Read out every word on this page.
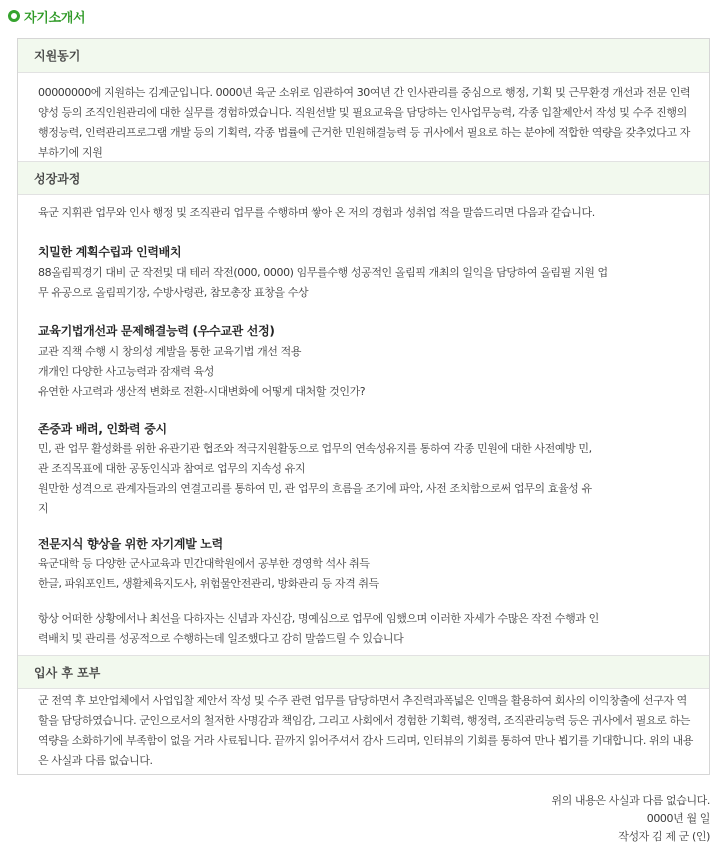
자기소개서
지원동기
00000000에 지원하는 김계군입니다. 0000년 육군 소위로 임관하여 30여년 간 인사관리를 중심으로 행정, 기획 및 근무환경 개선과 전문 인력양성 등의 조직인원관리에 대한 실무를 경험하였습니다. 직원선발 및 필요교육을 담당하는 인사업무능력, 각종 입찰제안서 작성 및 수주 진행의 행정능력, 인력관리프로그램 개발 등의 기획력, 각종 법률에 근거한 민원해결능력 등 귀사에서 필요로 하는 분야에 적합한 역량을 갖추었다고 자부하기에 지원
성장과정
육군 지휘관 업무와 인사 행정 및 조직관리 업무를 수행하며 쌓아 온 저의 경험과 성취업 적을 말씀드리면 다음과 같습니다.
치밀한 계획수립과 인력배치
88올림픽경기 대비 군 작전및 대 테러 작전(000, 0000) 임무를수행 성공적인 올림픽 개최의 일익을 담당하여 올림필 지원 업
무 유공으로 올림픽기장, 수방사령관, 참모총장 표창을 수상
교육기법개선과 문제해결능력 (우수교관 선정)
교관 직책 수행 시 창의성 계발을 통한 교육기법 개선 적용
개개인 다양한 사고능력과 잠재력 육성
유연한 사고력과 생산적 변화로 전환-시대변화에 어떻게 대처할 것인가?
존중과 배려, 인화력 중시
민, 관 업무 활성화를 위한 유관기관 협조와 적극지원활동으로 업무의 연속성유지를 통하여 각종 민원에 대한 사전예방 민,
관 조직목표에 대한 공동인식과 참여로 업무의 지속성 유지
원만한 성격으로 관계자들과의 연결고리를 통하여 민, 관 업무의 흐름을 조기에 파악, 사전 조치함으로써 업무의 효율성 유
지
전문지식 향상을 위한 자기계발 노력
육군대학 등 다양한 군사교육과 민간대학원에서 공부한 경영학 석사 취득
한글, 파워포인트, 생활체육지도사, 위험물안전관리, 방화관리 등 자격 취득
항상 어떠한 상황에서나 최선을 다하자는 신념과 자신감, 명예심으로 업무에 임했으며 이러한 자세가 수많은 작전 수행과 인
력배치 및 관리를 성공적으로 수행하는데 일조했다고 감히 말씀드릴 수 있습니다
입사 후 포부
군 전역 후 보안업체에서 사업입찰 제안서 작성 및 수주 관련 업무를 담당하면서 추진력과폭넓은 인맥을 활용하여 회사의 이익창출에 선구자 역할을 담당하였습니다. 군인으로서의 철저한 사명감과 책임감, 그리고 사회에서 경험한 기획력, 행정력, 조직관리능력 등은 귀사에서 필요로 하는 역량을 소화하기에 부족함이 없을 거라 사료됩니다. 끝까지 읽어주셔서 감사 드리며, 인터뷰의 기회를 통하여 만나 뵙기를 기대합니다. 위의 내용은 사실과 다름 없습니다.
위의 내용은 사실과 다름 없습니다.
0000년 월 일
작성자 김 제 군 (인)
